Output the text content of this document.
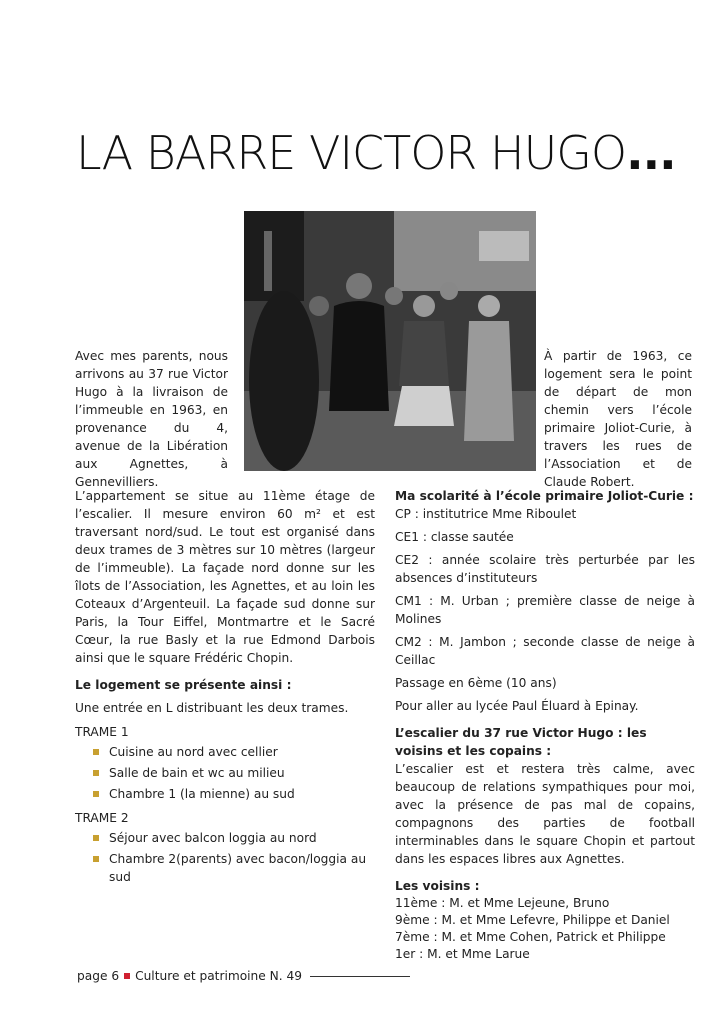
LA BARRE VICTOR HUGO...

Avec mes parents, nous arrivons au 37 rue Victor Hugo à la livraison de l’immeuble en 1963, en provenance du 4, avenue de la Libération aux Agnettes, à Gennevilliers.

À partir de 1963, ce logement sera le point de départ de mon chemin vers l’école primaire Joliot-Curie, à travers les rues de l’Association et de Claude Robert.

L’appartement se situe au 11ème étage de l’escalier. Il mesure environ 60 m² et est traversant nord/sud. Le tout est organisé dans deux trames de 3 mètres sur 10 mètres (largeur de l’immeuble). La façade nord donne sur les îlots de l’Association, les Agnettes, et au loin les Coteaux d’Argenteuil. La façade sud donne sur Paris, la Tour Eiffel, Montmartre et le Sacré Cœur, la rue Basly et la rue Edmond Darbois ainsi que le square Frédéric Chopin.

Le logement se présente ainsi :

Une entrée en L distribuant les deux trames.

TRAME 1

Cuisine au nord avec cellier
Salle de bain et wc au milieu
Chambre 1 (la mienne) au sud

TRAME 2

Séjour avec balcon loggia au nord
Chambre 2(parents) avec bacon/loggia au sud

Ma scolarité à l’école primaire Joliot-Curie :

CP : institutrice Mme Riboulet

CE1 : classe sautée

CE2 : année scolaire très perturbée par les absences d’instituteurs

CM1 : M. Urban ; première classe de neige à Molines

CM2 : M. Jambon ; seconde classe de neige à Ceillac

Passage en 6ème (10 ans)

Pour aller au lycée Paul Éluard à Epinay.

L’escalier du 37 rue Victor Hugo : les voisins et les copains :

L’escalier est et restera très calme, avec beaucoup de relations sympathiques pour moi, avec la présence de pas mal de copains, compagnons des parties de football interminables dans le square Chopin et partout dans les espaces libres aux Agnettes.

Les voisins :

11ème : M. et Mme Lejeune, Bruno

9ème : M. et Mme Lefevre, Philippe et Daniel

7ème : M. et Mme Cohen, Patrick et Philippe

1er : M. et Mme Larue

page 6 Culture et patrimoine N. 49
